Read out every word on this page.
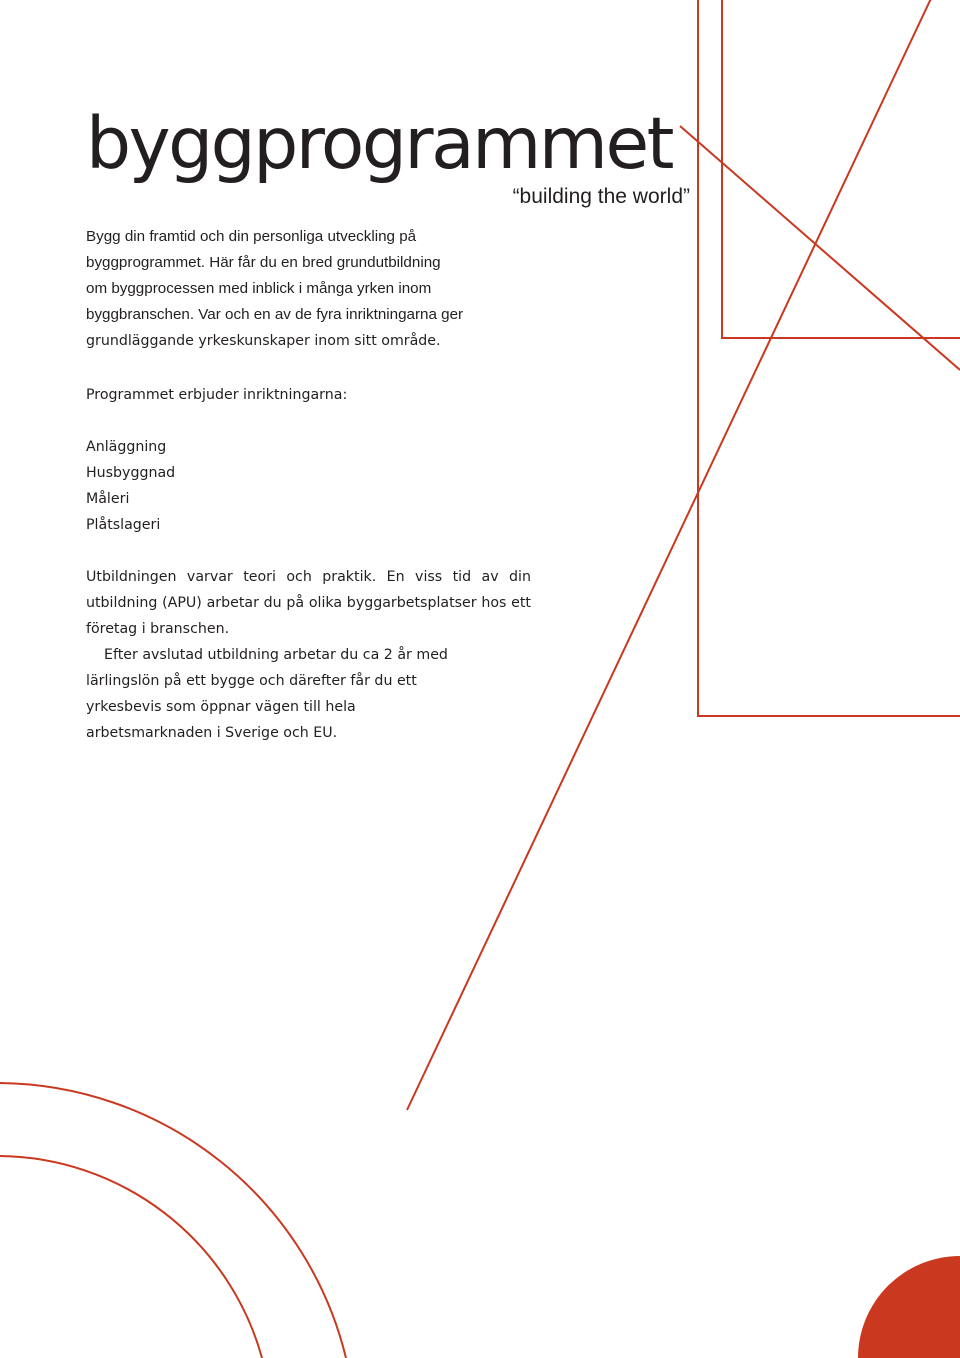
byggprogrammet
“building the world”

Bygg din framtid och din personliga utveckling på

byggprogrammet. Här får du en bred grundutbildning

om byggprocessen med inblick i många yrken inom

byggbranschen. Var och en av de fyra inriktningarna ger

grundläggande yrkeskunskaper inom sitt område.

Programmet erbjuder inriktningarna:

Anläggning
Husbyggnad
Måleri
Plåtslageri

Utbildningen varvar teori och praktik. En viss tid av din utbildning (APU) arbetar du på olika byggarbetsplatser hos ett företag i branschen.

Efter avslutad utbildning arbetar du ca 2 år med lärlingslön på ett bygge och därefter får du ett yrkesbevis som öppnar vägen till hela arbetsmarknaden i Sverige och EU.
